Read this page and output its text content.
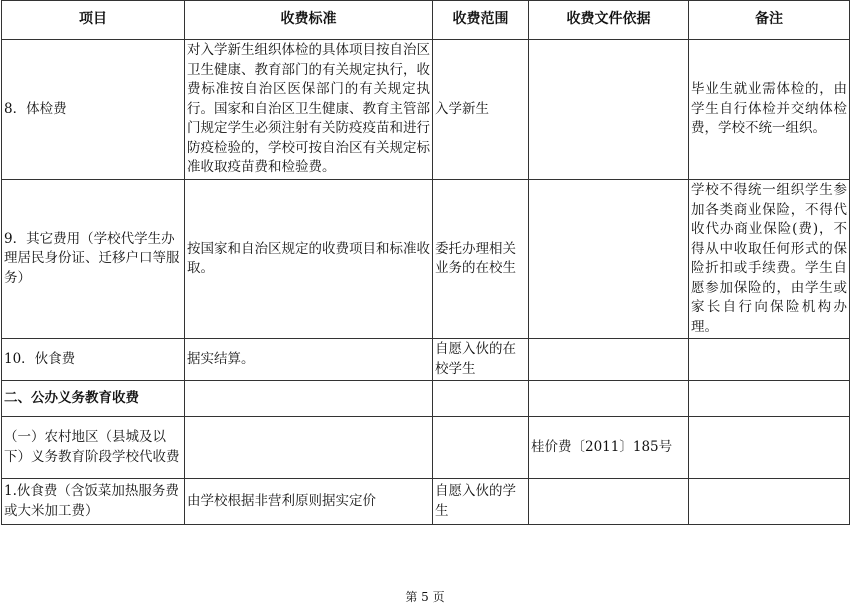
项目	收费标准	收费范围	收费文件依据	备注
8．体检费	对入学新生组织体检的具体项目按自治区卫生健康、教育部门的有关规定执行，收费标准按自治区医保部门的有关规定执行。国家和自治区卫生健康、教育主管部门规定学生必须注射有关防疫疫苗和进行防疫检验的，学校可按自治区有关规定标准收取疫苗费和检验费。	入学新生		毕业生就业需体检的，由学生自行体检并交纳体检费，学校不统一组织。
9．其它费用（学校代学生办理居民身份证、迁移户口等服务）	按国家和自治区规定的收费项目和标准收取。	委托办理相关业务的在校生		学校不得统一组织学生参加各类商业保险，不得代收代办商业保险(费)，不得从中收取任何形式的保险折扣或手续费。学生自愿参加保险的，由学生或家长自行向保险机构办理。
10．伙食费	据实结算。	自愿入伙的在校学生		
二、公办义务教育收费				
（一）农村地区（县城及以下）义务教育阶段学校代收费			桂价费〔2011〕185号	
1.伙食费（含饭菜加热服务费或大米加工费）	由学校根据非营利原则据实定价	自愿入伙的学生		
第 5 页
